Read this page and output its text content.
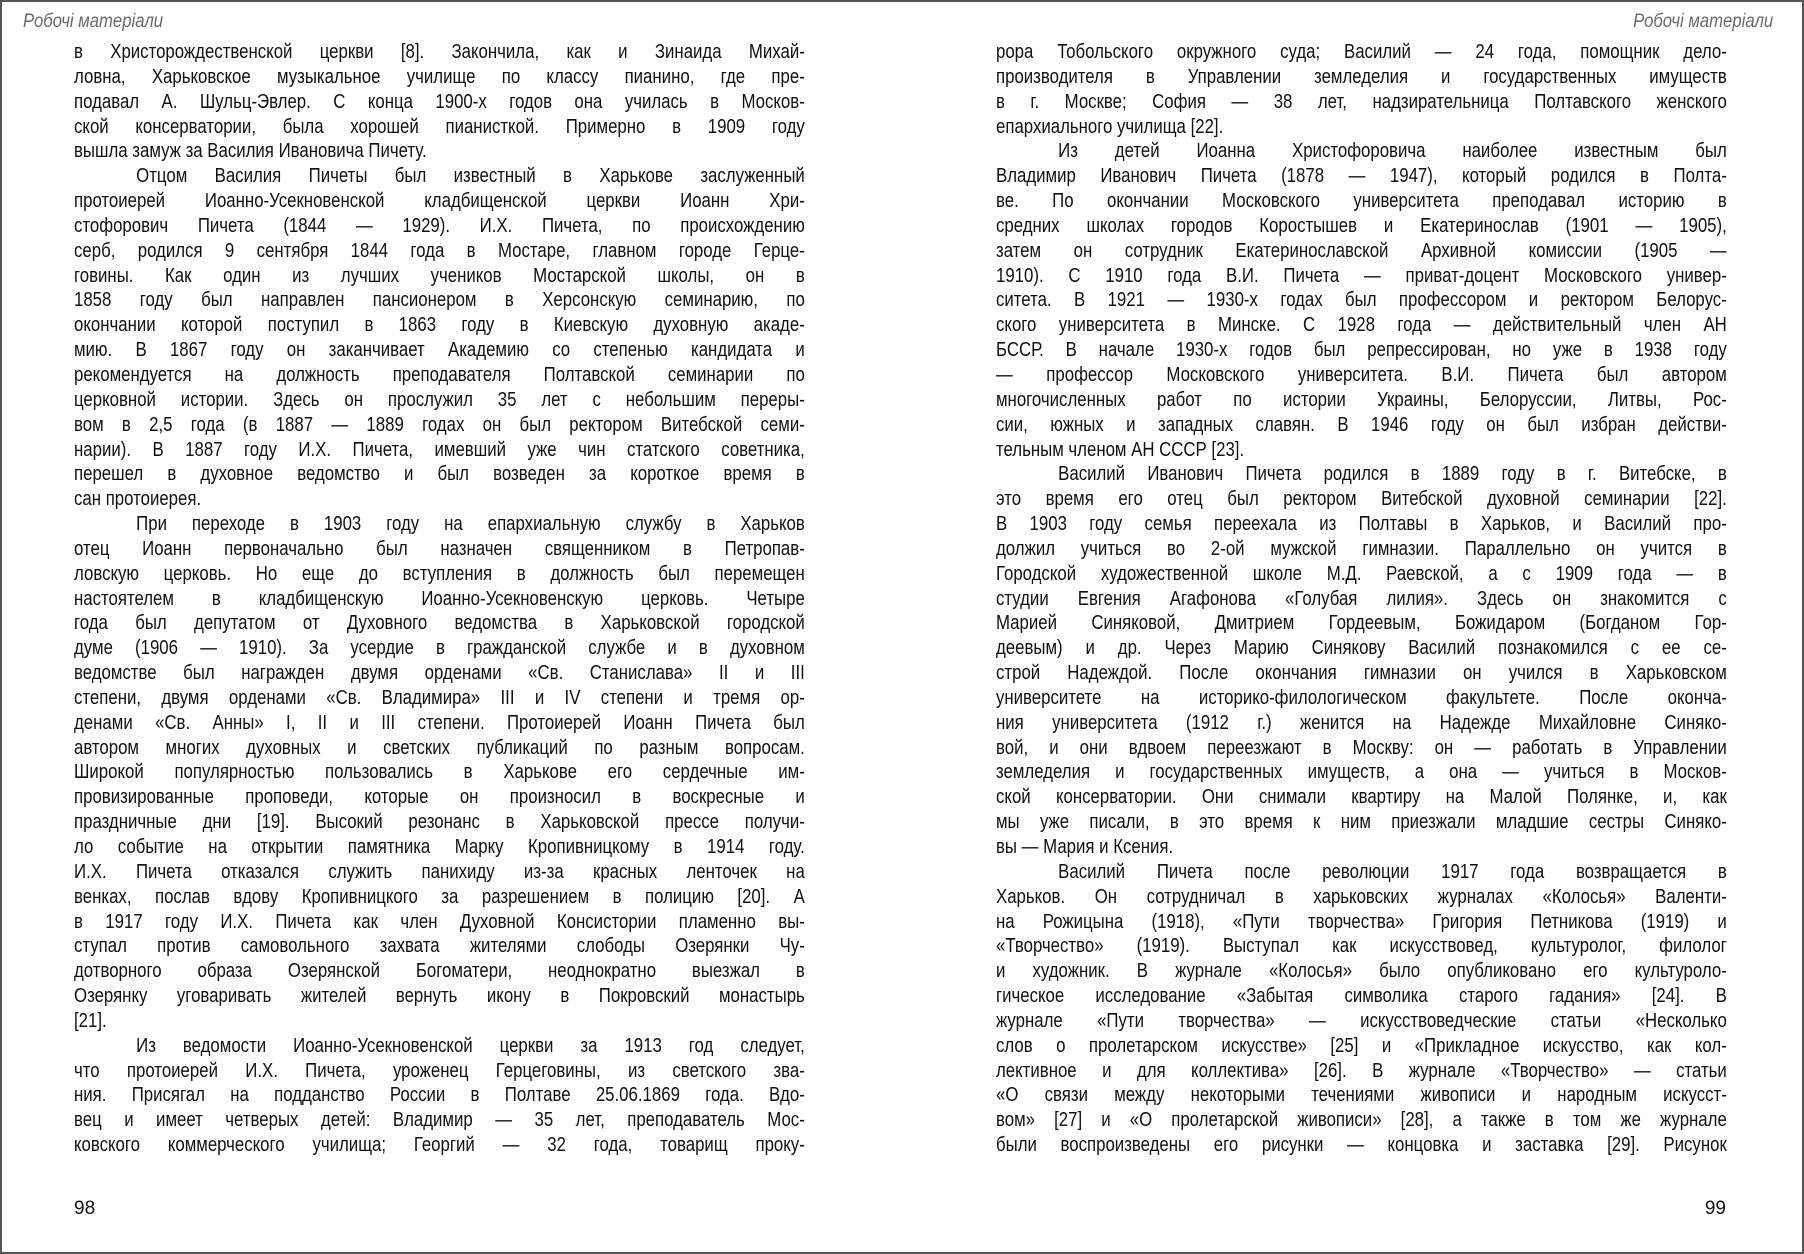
Робочі матеріали
в Христорождественской церкви [8]. Закончила, как и Зинаида Михай-
ловна, Харьковское музыкальное училище по классу пианино, где пре-
подавал А. Шульц-Эвлер. С конца 1900-х годов она училась в Москов-
ской консерватории, была хорошей пианисткой. Примерно в 1909 году
вышла замуж за Василия Ивановича Пичету.
Отцом Василия Пичеты был известный в Харькове заслуженный
протоиерей Иоанно-Усекновенской кладбищенской церкви Иоанн Хри-
стофорович Пичета (1844 — 1929). И.Х. Пичета, по происхождению
серб, родился 9 сентября 1844 года в Мостаре, главном городе Герце-
говины. Как один из лучших учеников Мостарской школы, он в
1858 году был направлен пансионером в Херсонскую семинарию, по
окончании которой поступил в 1863 году в Киевскую духовную акаде-
мию. В 1867 году он заканчивает Академию со степенью кандидата и
рекомендуется на должность преподавателя Полтавской семинарии по
церковной истории. Здесь он прослужил 35 лет с небольшим переры-
вом в 2,5 года (в 1887 — 1889 годах он был ректором Витебской семи-
нарии). В 1887 году И.Х. Пичета, имевший уже чин статского советника,
перешел в духовное ведомство и был возведен за короткое время в
сан протоиерея.
При переходе в 1903 году на епархиальную службу в Харьков
отец Иоанн первоначально был назначен священником в Петропав-
ловскую церковь. Но еще до вступления в должность был перемещен
настоятелем в кладбищенскую Иоанно-Усекновенскую церковь. Четыре
года был депутатом от Духовного ведомства в Харьковской городской
думе (1906 — 1910). За усердие в гражданской службе и в духовном
ведомстве был награжден двумя орденами «Св. Станислава» II и III
степени, двумя орденами «Св. Владимира» III и IV степени и тремя ор-
денами «Св. Анны» I, II и III степени. Протоиерей Иоанн Пичета был
автором многих духовных и светских публикаций по разным вопросам.
Широкой популярностью пользовались в Харькове его сердечные им-
провизированные проповеди, которые он произносил в воскресные и
праздничные дни [19]. Высокий резонанс в Харьковской прессе получи-
ло событие на открытии памятника Марку Кропивницкому в 1914 году.
И.Х. Пичета отказался служить панихиду из-за красных ленточек на
венках, послав вдову Кропивницкого за разрешением в полицию [20]. А
в 1917 году И.Х. Пичета как член Духовной Консистории пламенно вы-
ступал против самовольного захвата жителями слободы Озерянки Чу-
дотворного образа Озерянской Богоматери, неоднократно выезжал в
Озерянку уговаривать жителей вернуть икону в Покровский монастырь
[21].
Из ведомости Иоанно-Усекновенской церкви за 1913 год следует,
что протоиерей И.Х. Пичета, уроженец Герцеговины, из светского зва-
ния. Присягал на подданство России в Полтаве 25.06.1869 года. Вдо-
вец и имеет четверых детей: Владимир — 35 лет, преподаватель Мос-
ковского коммерческого училища; Георгий — 32 года, товарищ проку-
98
Робочі матеріали
рора Тобольского окружного суда; Василий — 24 года, помощник дело-
производителя в Управлении земледелия и государственных имуществ
в г. Москве; София — 38 лет, надзирательница Полтавского женского
епархиального училища [22].
Из детей Иоанна Христофоровича наиболее известным был
Владимир Иванович Пичета (1878 — 1947), который родился в Полта-
ве. По окончании Московского университета преподавал историю в
средних школах городов Коростышев и Екатеринослав (1901 — 1905),
затем он сотрудник Екатеринославской Архивной комиссии (1905 —
1910). С 1910 года В.И. Пичета — приват-доцент Московского универ-
ситета. В 1921 — 1930-х годах был профессором и ректором Белорус-
ского университета в Минске. С 1928 года — действительный член АН
БССР. В начале 1930-х годов был репрессирован, но уже в 1938 году
— профессор Московского университета. В.И. Пичета был автором
многочисленных работ по истории Украины, Белоруссии, Литвы, Рос-
сии, южных и западных славян. В 1946 году он был избран действи-
тельным членом АН СССР [23].
Василий Иванович Пичета родился в 1889 году в г. Витебске, в
это время его отец был ректором Витебской духовной семинарии [22].
В 1903 году семья переехала из Полтавы в Харьков, и Василий про-
должил учиться во 2-ой мужской гимназии. Параллельно он учится в
Городской художественной школе М.Д. Раевской, а с 1909 года — в
студии Евгения Агафонова «Голубая лилия». Здесь он знакомится с
Марией Синяковой, Дмитрием Гордеевым, Божидаром (Богданом Гор-
деевым) и др. Через Марию Синякову Василий познакомился с ее се-
строй Надеждой. После окончания гимназии он учился в Харьковском
университете на историко-филологическом факультете. После оконча-
ния университета (1912 г.) женится на Надежде Михайловне Синяко-
вой, и они вдвоем переезжают в Москву: он — работать в Управлении
земледелия и государственных имуществ, а она — учиться в Москов-
ской консерватории. Они снимали квартиру на Малой Полянке, и, как
мы уже писали, в это время к ним приезжали младшие сестры Синяко-
вы — Мария и Ксения.
Василий Пичета после революции 1917 года возвращается в
Харьков. Он сотрудничал в харьковских журналах «Колосья» Валенти-
на Рожицына (1918), «Пути творчества» Григория Петникова (1919) и
«Творчество» (1919). Выступал как искусствовед, культуролог, филолог
и художник. В журнале «Колосья» было опубликовано его культуроло-
гическое исследование «Забытая символика старого гадания» [24]. В
журнале «Пути творчества» — искусствоведческие статьи «Несколько
слов о пролетарском искусстве» [25] и «Прикладное искусство, как кол-
лективное и для коллектива» [26]. В журнале «Творчество» — статьи
«О связи между некоторыми течениями живописи и народным искусст-
вом» [27] и «О пролетарской живописи» [28], а также в том же журнале
были воспроизведены его рисунки — концовка и заставка [29]. Рисунок
99
